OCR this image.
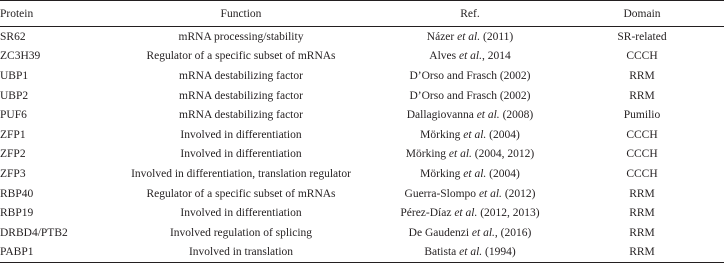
Protein	Function	Ref.	Domain
SR62	mRNA processing/stability	Názer et al. (2011)	SR-related
ZC3H39	Regulator of a specific subset of mRNAs	Alves et al., 2014	CCCH
UBP1	mRNA destabilizing factor	D’Orso and Frasch (2002)	RRM
UBP2	mRNA destabilizing factor	D’Orso and Frasch (2002)	RRM
PUF6	mRNA destabilizing factor	Dallagiovanna et al. (2008)	Pumilio
ZFP1	Involved in differentiation	Mörking et al. (2004)	CCCH
ZFP2	Involved in differentiation	Mörking et al. (2004, 2012)	CCCH
ZFP3	Involved in differentiation, translation regulator	Mörking et al. (2004)	CCCH
RBP40	Regulator of a specific subset of mRNAs	Guerra-Slompo et al. (2012)	RRM
RBP19	Involved in differentiation	Pérez-Díaz et al. (2012, 2013)	RRM
DRBD4/PTB2	Involved regulation of splicing	De Gaudenzi et al., (2016)	RRM
PABP1	Involved in translation	Batista et al. (1994)	RRM
